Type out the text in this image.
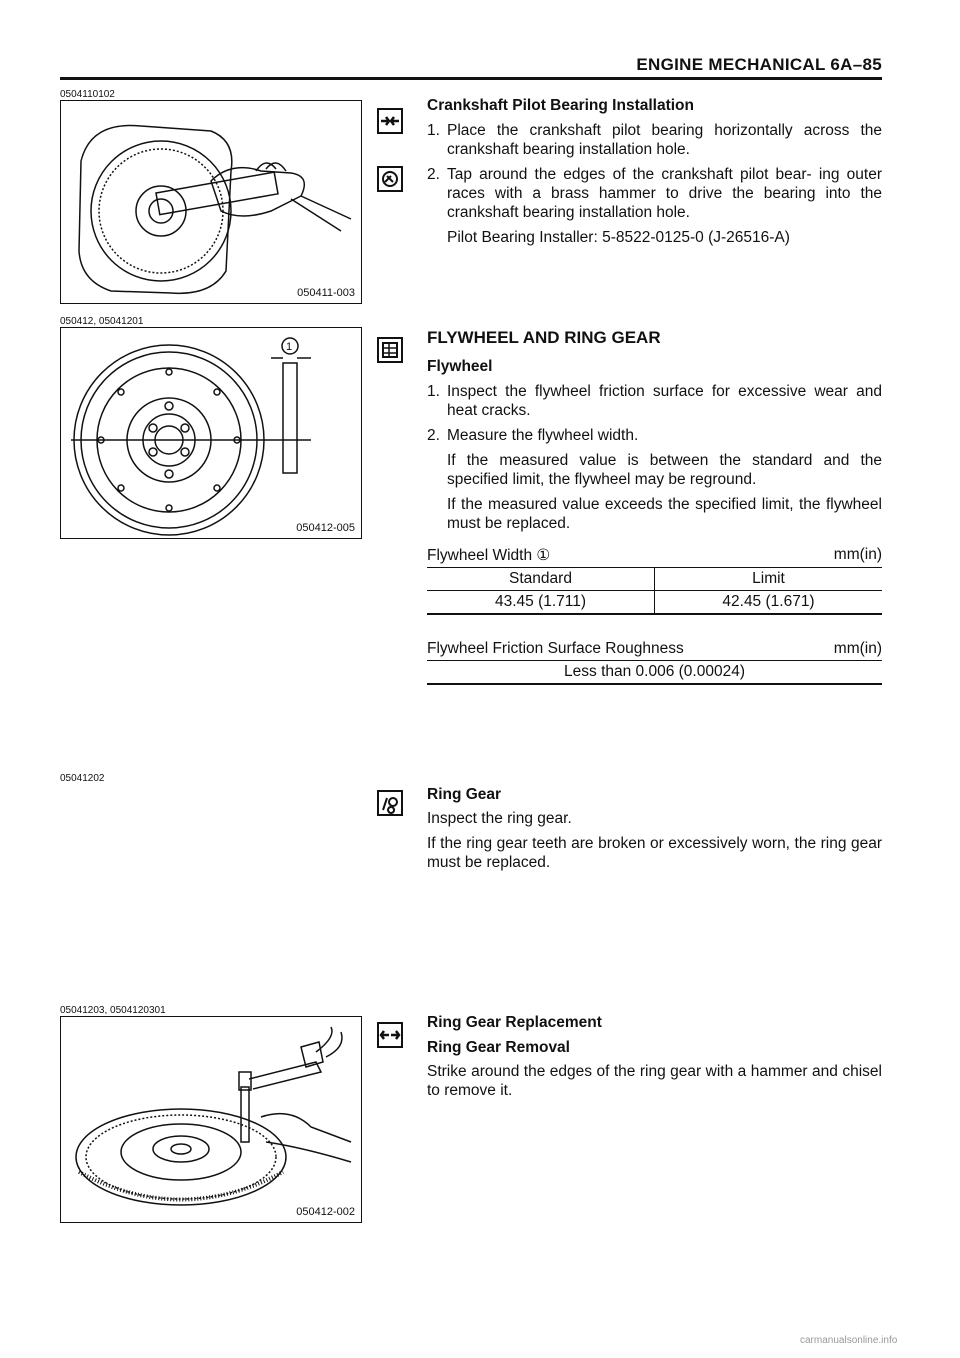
ENGINE MECHANICAL 6A–85
0504110102
050411-003
050412, 05041201
1
050412-005
05041202
05041203, 0504120301
050412-002
Crankshaft Pilot Bearing Installation
1. Place the crankshaft pilot bearing horizontally across the crankshaft bearing installation hole.
2. Tap around the edges of the crankshaft pilot bear- ing outer races with a brass hammer to drive the bearing into the crankshaft bearing installation hole.

Pilot Bearing Installer: 5-8522-0125-0 (J-26516-A)

FLYWHEEL AND RING GEAR
Flywheel
1. Inspect the flywheel friction surface for excessive wear and heat cracks.
2. Measure the flywheel width.

If the measured value is between the standard and the specified limit, the flywheel may be reground.

If the measured value exceeds the specified limit, the flywheel must be replaced.

Flywheel Width ①	mm(in)
Standard	Limit
43.45 (1.711)	42.45 (1.671)
Flywheel Friction Surface Roughness	mm(in)
Less than 0.006 (0.00024)
Ring Gear

Inspect the ring gear.

If the ring gear teeth are broken or excessively worn, the ring gear must be replaced.

Ring Gear Replacement
Ring Gear Removal

Strike around the edges of the ring gear with a hammer and chisel to remove it.

carmanualsonline.info
